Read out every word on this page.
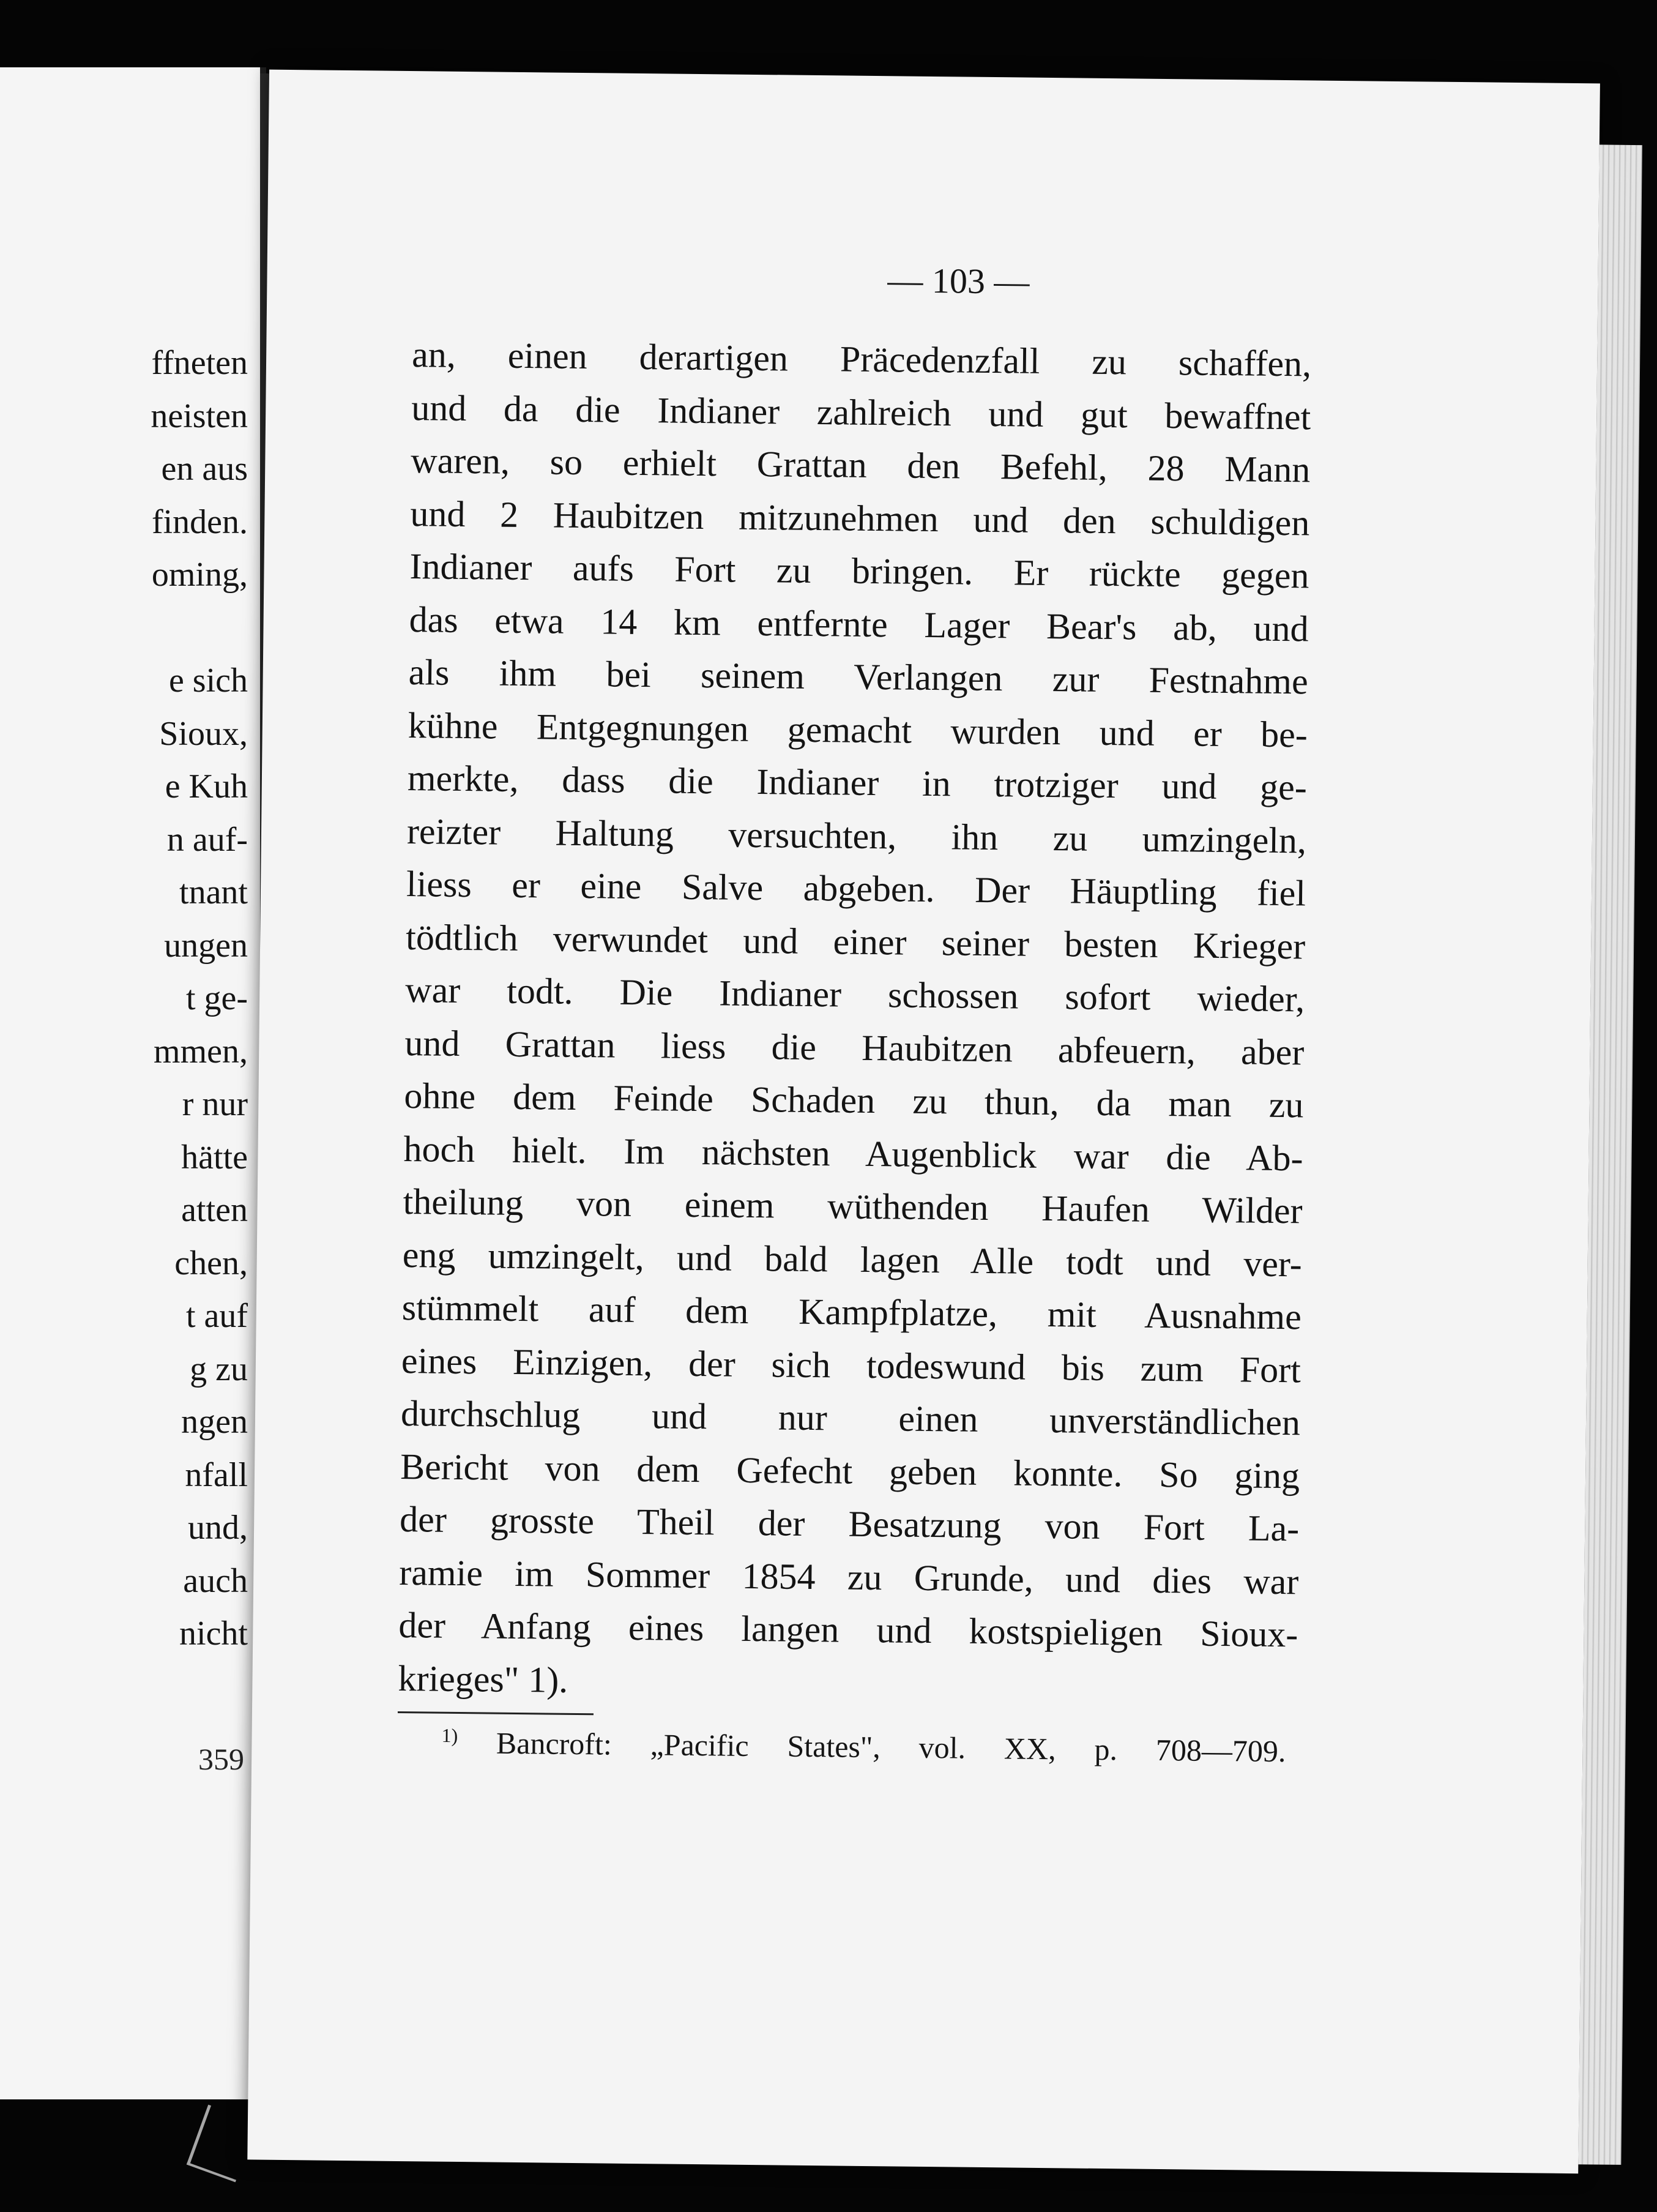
ffneten
neisten
en aus
finden.
oming,
e sich
Sioux,
e Kuh
n auf-
tnant
ungen
t ge-
mmen,
r nur
hätte
atten
chen,
t auf
g zu
ngen
nfall
und,
auch
nicht
359
— 103 —
an, einen derartigen Präcedenzfall zu schaffen,
und da die Indianer zahlreich und gut bewaffnet
waren, so erhielt Grattan den Befehl, 28 Mann
und 2 Haubitzen mitzunehmen und den schuldigen
Indianer aufs Fort zu bringen. Er rückte gegen
das etwa 14 km entfernte Lager Bear's ab, und
als ihm bei seinem Verlangen zur Festnahme
kühne Entgegnungen gemacht wurden und er be-
merkte, dass die Indianer in trotziger und ge-
reizter Haltung versuchten, ihn zu umzingeln,
liess er eine Salve abgeben. Der Häuptling fiel
tödtlich verwundet und einer seiner besten Krieger
war todt. Die Indianer schossen sofort wieder,
und Grattan liess die Haubitzen abfeuern, aber
ohne dem Feinde Schaden zu thun, da man zu
hoch hielt. Im nächsten Augenblick war die Ab-
theilung von einem wüthenden Haufen Wilder
eng umzingelt, und bald lagen Alle todt und ver-
stümmelt auf dem Kampfplatze, mit Ausnahme
eines Einzigen, der sich todeswund bis zum Fort
durchschlug und nur einen unverständlichen
Bericht von dem Gefecht geben konnte. So ging
der grosste Theil der Besatzung von Fort La-
ramie im Sommer 1854 zu Grunde, und dies war
der Anfang eines langen und kostspieligen Sioux-
krieges" 1).
$^{1)}$ Bancroft: „Pacific States", vol. XX, p. 708—709.
